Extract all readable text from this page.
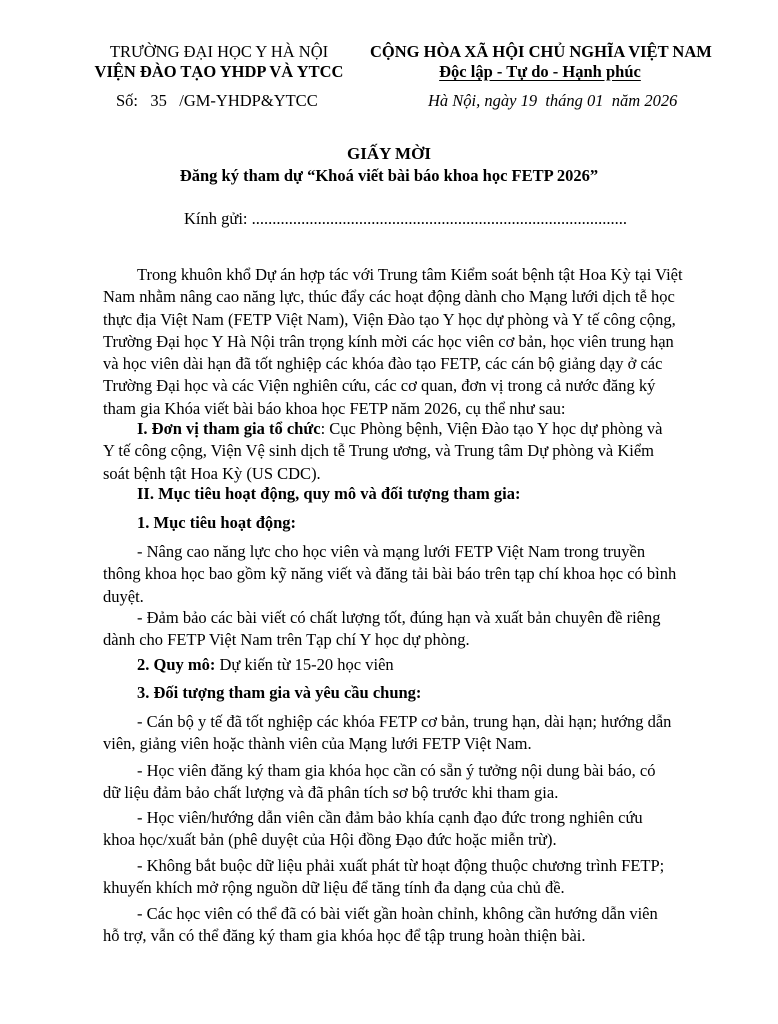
TRƯỜNG ĐẠI HỌC Y HÀ NỘI
VIỆN ĐÀO TẠO YHDP VÀ YTCC
Số: 35 /GM-YHDP&YTCC
CỘNG HÒA XÃ HỘI CHỦ NGHĨA VIỆT NAM
Độc lập - Tự do - Hạnh phúc
Hà Nội, ngày 19  tháng 01  năm 2026
GIẤY MỜI
Đăng ký tham dự “Khoá viết bài báo khoa học FETP 2026”
Kính gửi: ...........................................................................................
Trong khuôn khổ Dự án hợp tác với Trung tâm Kiểm soát bệnh tật Hoa Kỳ tại Việt
Nam nhằm nâng cao năng lực, thúc đẩy các hoạt động dành cho Mạng lưới dịch tễ học
thực địa Việt Nam (FETP Việt Nam), Viện Đào tạo Y học dự phòng và Y tế công cộng,
Trường Đại học Y Hà Nội trân trọng kính mời các học viên cơ bản, học viên trung hạn
và học viên dài hạn đã tốt nghiệp các khóa đào tạo FETP, các cán bộ giảng dạy ở các
Trường Đại học và các Viện nghiên cứu, các cơ quan, đơn vị trong cả nước đăng ký
tham gia Khóa viết bài báo khoa học FETP năm 2026, cụ thể như sau:
I. Đơn vị tham gia tổ chức: Cục Phòng bệnh, Viện Đào tạo Y học dự phòng và
Y tế công cộng, Viện Vệ sinh dịch tễ Trung ương, và Trung tâm Dự phòng và Kiểm
soát bệnh tật Hoa Kỳ (US CDC).
II. Mục tiêu hoạt động, quy mô và đối tượng tham gia:
1. Mục tiêu hoạt động:
- Nâng cao năng lực cho học viên và mạng lưới FETP Việt Nam trong truyền
thông khoa học bao gồm kỹ năng viết và đăng tải bài báo trên tạp chí khoa học có bình
duyệt.
- Đảm bảo các bài viết có chất lượng tốt, đúng hạn và xuất bản chuyên đề riêng
dành cho FETP Việt Nam trên Tạp chí Y học dự phòng.
2. Quy mô: Dự kiến từ 15-20 học viên
3. Đối tượng tham gia và yêu cầu chung:
- Cán bộ y tế đã tốt nghiệp các khóa FETP cơ bản, trung hạn, dài hạn; hướng dẫn
viên, giảng viên hoặc thành viên của Mạng lưới FETP Việt Nam.
- Học viên đăng ký tham gia khóa học cần có sẵn ý tưởng nội dung bài báo, có
dữ liệu đảm bảo chất lượng và đã phân tích sơ bộ trước khi tham gia.
- Học viên/hướng dẫn viên cần đảm bảo khía cạnh đạo đức trong nghiên cứu
khoa học/xuất bản (phê duyệt của Hội đồng Đạo đức hoặc miễn trừ).
- Không bắt buộc dữ liệu phải xuất phát từ hoạt động thuộc chương trình FETP;
khuyến khích mở rộng nguồn dữ liệu để tăng tính đa dạng của chủ đề.
- Các học viên có thể đã có bài viết gần hoàn chỉnh, không cần hướng dẫn viên
hỗ trợ, vẫn có thể đăng ký tham gia khóa học để tập trung hoàn thiện bài.
